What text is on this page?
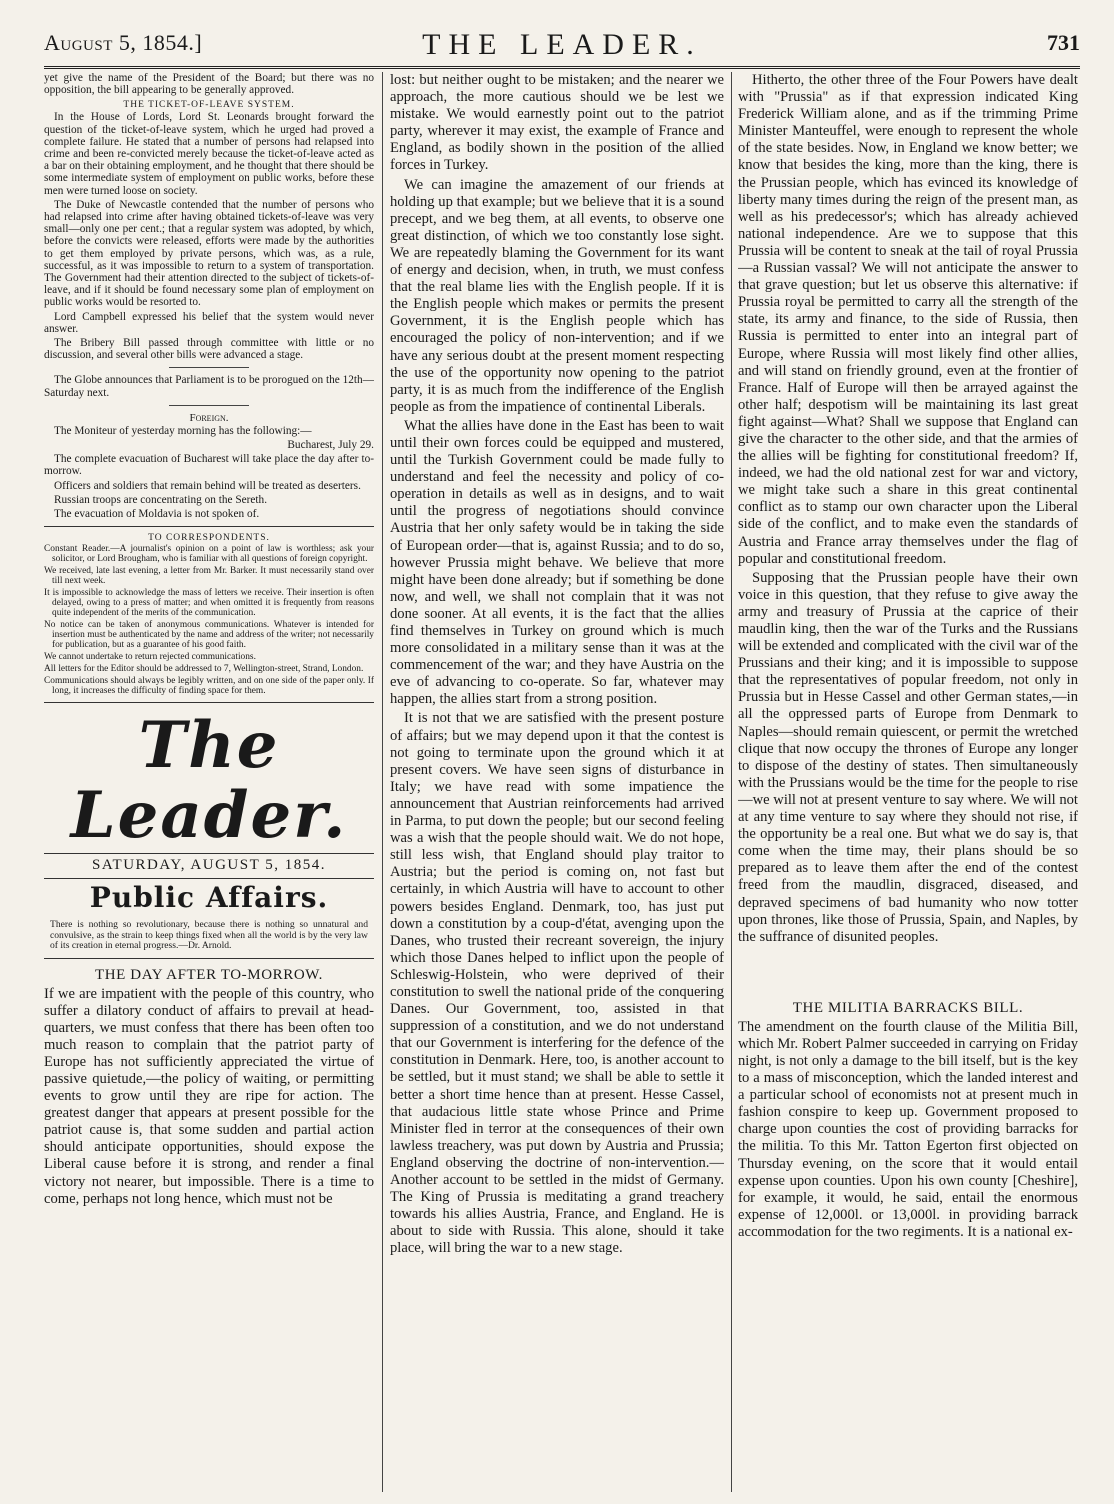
August 5, 1854.]	THE LEADER.	731

yet give the name of the President of the Board; but there was no opposition, the bill appearing to be generally approved.

THE TICKET-OF-LEAVE SYSTEM.

In the House of Lords, Lord St. Leonards brought forward the question of the ticket-of-leave system, which he urged had proved a complete failure. He stated that a number of persons had relapsed into crime and been re-convicted merely because the ticket-of-leave acted as a bar on their obtaining employment, and he thought that there should be some intermediate system of employment on public works, before these men were turned loose on society.

The Duke of Newcastle contended that the number of persons who had relapsed into crime after having obtained tickets-of-leave was very small—only one per cent.; that a regular system was adopted, by which, before the convicts were released, efforts were made by the authorities to get them employed by private persons, which was, as a rule, successful, as it was impossible to return to a system of transportation. The Government had their attention directed to the subject of tickets-of-leave, and if it should be found necessary some plan of employment on public works would be resorted to.

Lord Campbell expressed his belief that the system would never answer.

The Bribery Bill passed through committee with little or no discussion, and several other bills were advanced a stage.

The Globe announces that Parliament is to be prorogued on the 12th—Saturday next.

Foreign.

The Moniteur of yesterday morning has the following:—

Bucharest, July 29.

The complete evacuation of Bucharest will take place the day after to-morrow.

Officers and soldiers that remain behind will be treated as deserters.

Russian troops are concentrating on the Sereth.

The evacuation of Moldavia is not spoken of.

TO CORRESPONDENTS.

Constant Reader.—A journalist's opinion on a point of law is worthless; ask your solicitor, or Lord Brougham, who is familiar with all questions of foreign copyright.

We received, late last evening, a letter from Mr. Barker. It must necessarily stand over till next week.

It is impossible to acknowledge the mass of letters we receive. Their insertion is often delayed, owing to a press of matter; and when omitted it is frequently from reasons quite independent of the merits of the communication.

No notice can be taken of anonymous communications. Whatever is intended for insertion must be authenticated by the name and address of the writer; not necessarily for publication, but as a guarantee of his good faith.

We cannot undertake to return rejected communications.

All letters for the Editor should be addressed to 7, Wellington-street, Strand, London.

Communications should always be legibly written, and on one side of the paper only. If long, it increases the difficulty of finding space for them.

The Leader.
SATURDAY, AUGUST 5, 1854.
Public Affairs.
There is nothing so revolutionary, because there is nothing so unnatural and convulsive, as the strain to keep things fixed when all the world is by the very law of its creation in eternal progress.—Dr. Arnold.
THE DAY AFTER TO-MORROW.

If we are impatient with the people of this country, who suffer a dilatory conduct of affairs to prevail at head-quarters, we must confess that there has been often too much reason to complain that the patriot party of Europe has not sufficiently appreciated the virtue of passive quietude,—the policy of waiting, or permitting events to grow until they are ripe for action. The greatest danger that appears at present possible for the patriot cause is, that some sudden and partial action should anticipate opportunities, should expose the Liberal cause before it is strong, and render a final victory not nearer, but impossible. There is a time to come, perhaps not long hence, which must not be

lost: but neither ought to be mistaken; and the nearer we approach, the more cautious should we be lest we mistake. We would earnestly point out to the patriot party, wherever it may exist, the example of France and England, as bodily shown in the position of the allied forces in Turkey.

We can imagine the amazement of our friends at holding up that example; but we believe that it is a sound precept, and we beg them, at all events, to observe one great distinction, of which we too constantly lose sight. We are repeatedly blaming the Government for its want of energy and decision, when, in truth, we must confess that the real blame lies with the English people. If it is the English people which makes or permits the present Government, it is the English people which has encouraged the policy of non-intervention; and if we have any serious doubt at the present moment respecting the use of the opportunity now opening to the patriot party, it is as much from the indifference of the English people as from the impatience of continental Liberals.

What the allies have done in the East has been to wait until their own forces could be equipped and mustered, until the Turkish Government could be made fully to understand and feel the necessity and policy of co-operation in details as well as in designs, and to wait until the progress of negotiations should convince Austria that her only safety would be in taking the side of European order—that is, against Russia; and to do so, however Prussia might behave. We believe that more might have been done already; but if something be done now, and well, we shall not complain that it was not done sooner. At all events, it is the fact that the allies find themselves in Turkey on ground which is much more consolidated in a military sense than it was at the commencement of the war; and they have Austria on the eve of advancing to co-operate. So far, whatever may happen, the allies start from a strong position.

It is not that we are satisfied with the present posture of affairs; but we may depend upon it that the contest is not going to terminate upon the ground which it at present covers. We have seen signs of disturbance in Italy; we have read with some impatience the announcement that Austrian reinforcements had arrived in Parma, to put down the people; but our second feeling was a wish that the people should wait. We do not hope, still less wish, that England should play traitor to Austria; but the period is coming on, not fast but certainly, in which Austria will have to account to other powers besides England. Denmark, too, has just put down a constitution by a coup-d'état, avenging upon the Danes, who trusted their recreant sovereign, the injury which those Danes helped to inflict upon the people of Schleswig-Holstein, who were deprived of their constitution to swell the national pride of the conquering Danes. Our Government, too, assisted in that suppression of a constitution, and we do not understand that our Government is interfering for the defence of the constitution in Denmark. Here, too, is another account to be settled, but it must stand; we shall be able to settle it better a short time hence than at present. Hesse Cassel, that audacious little state whose Prince and Prime Minister fled in terror at the consequences of their own lawless treachery, was put down by Austria and Prussia; England observing the doctrine of non-intervention.—Another account to be settled in the midst of Germany. The King of Prussia is meditating a grand treachery towards his allies Austria, France, and England. He is about to side with Russia. This alone, should it take place, will bring the war to a new stage.

Hitherto, the other three of the Four Powers have dealt with "Prussia" as if that expression indicated King Frederick William alone, and as if the trimming Prime Minister Manteuffel, were enough to represent the whole of the state besides. Now, in England we know better; we know that besides the king, more than the king, there is the Prussian people, which has evinced its knowledge of liberty many times during the reign of the present man, as well as his predecessor's; which has already achieved national independence. Are we to suppose that this Prussia will be content to sneak at the tail of royal Prussia—a Russian vassal? We will not anticipate the answer to that grave question; but let us observe this alternative: if Prussia royal be permitted to carry all the strength of the state, its army and finance, to the side of Russia, then Russia is permitted to enter into an integral part of Europe, where Russia will most likely find other allies, and will stand on friendly ground, even at the frontier of France. Half of Europe will then be arrayed against the other half; despotism will be maintaining its last great fight against—What? Shall we suppose that England can give the character to the other side, and that the armies of the allies will be fighting for constitutional freedom? If, indeed, we had the old national zest for war and victory, we might take such a share in this great continental conflict as to stamp our own character upon the Liberal side of the conflict, and to make even the standards of Austria and France array themselves under the flag of popular and constitutional freedom.

Supposing that the Prussian people have their own voice in this question, that they refuse to give away the army and treasury of Prussia at the caprice of their maudlin king, then the war of the Turks and the Russians will be extended and complicated with the civil war of the Prussians and their king; and it is impossible to suppose that the representatives of popular freedom, not only in Prussia but in Hesse Cassel and other German states,—in all the oppressed parts of Europe from Denmark to Naples—should remain quiescent, or permit the wretched clique that now occupy the thrones of Europe any longer to dispose of the destiny of states. Then simultaneously with the Prussians would be the time for the people to rise—we will not at present venture to say where. We will not at any time venture to say where they should not rise, if the opportunity be a real one. But what we do say is, that come when the time may, their plans should be so prepared as to leave them after the end of the contest freed from the maudlin, disgraced, diseased, and depraved specimens of bad humanity who now totter upon thrones, like those of Prussia, Spain, and Naples, by the suffrance of disunited peoples.

THE MILITIA BARRACKS BILL.

The amendment on the fourth clause of the Militia Bill, which Mr. Robert Palmer succeeded in carrying on Friday night, is not only a damage to the bill itself, but is the key to a mass of misconception, which the landed interest and a particular school of economists not at present much in fashion conspire to keep up. Government proposed to charge upon counties the cost of providing barracks for the militia. To this Mr. Tatton Egerton first objected on Thursday evening, on the score that it would entail expense upon counties. Upon his own county [Cheshire], for example, it would, he said, entail the enormous expense of 12,000l. or 13,000l. in providing barrack accommodation for the two regiments. It is a national ex-
